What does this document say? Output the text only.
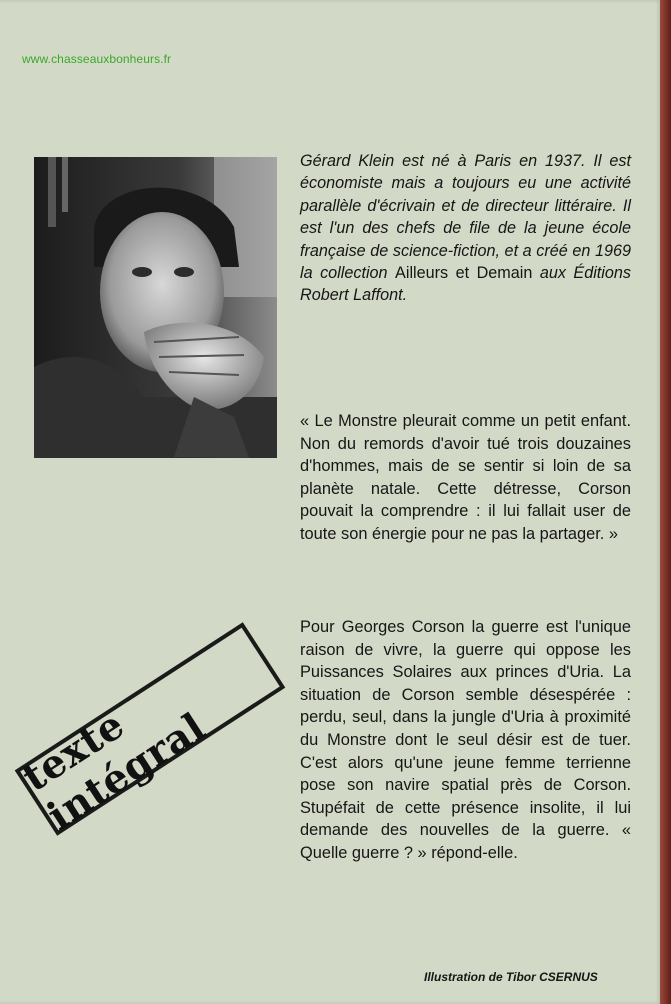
www.chasseauxbonheurs.fr
Gérard Klein est né à Paris en 1937. Il est économiste mais a toujours eu une activité parallèle d'écrivain et de directeur littéraire. Il est l'un des chefs de file de la jeune école française de science-fiction, et a créé en 1969 la collection Ailleurs et Demain aux Éditions Robert Laffont.
« Le Monstre pleurait comme un petit enfant. Non du remords d'avoir tué trois douzaines d'hommes, mais de se sentir si loin de sa planète natale. Cette détresse, Corson pouvait la comprendre : il lui fallait user de toute son énergie pour ne pas la partager. »
Pour Georges Corson la guerre est l'unique raison de vivre, la guerre qui oppose les Puissances Solaires aux princes d'Uria. La situation de Corson semble désespérée : perdu, seul, dans la jungle d'Uria à proximité du Monstre dont le seul désir est de tuer. C'est alors qu'une jeune femme terrienne pose son navire spatial près de Corson. Stupéfait de cette présence insolite, il lui demande des nouvelles de la guerre. « Quelle guerre ? » répond-elle.
texte intégral
Illustration de Tibor CSERNUS
